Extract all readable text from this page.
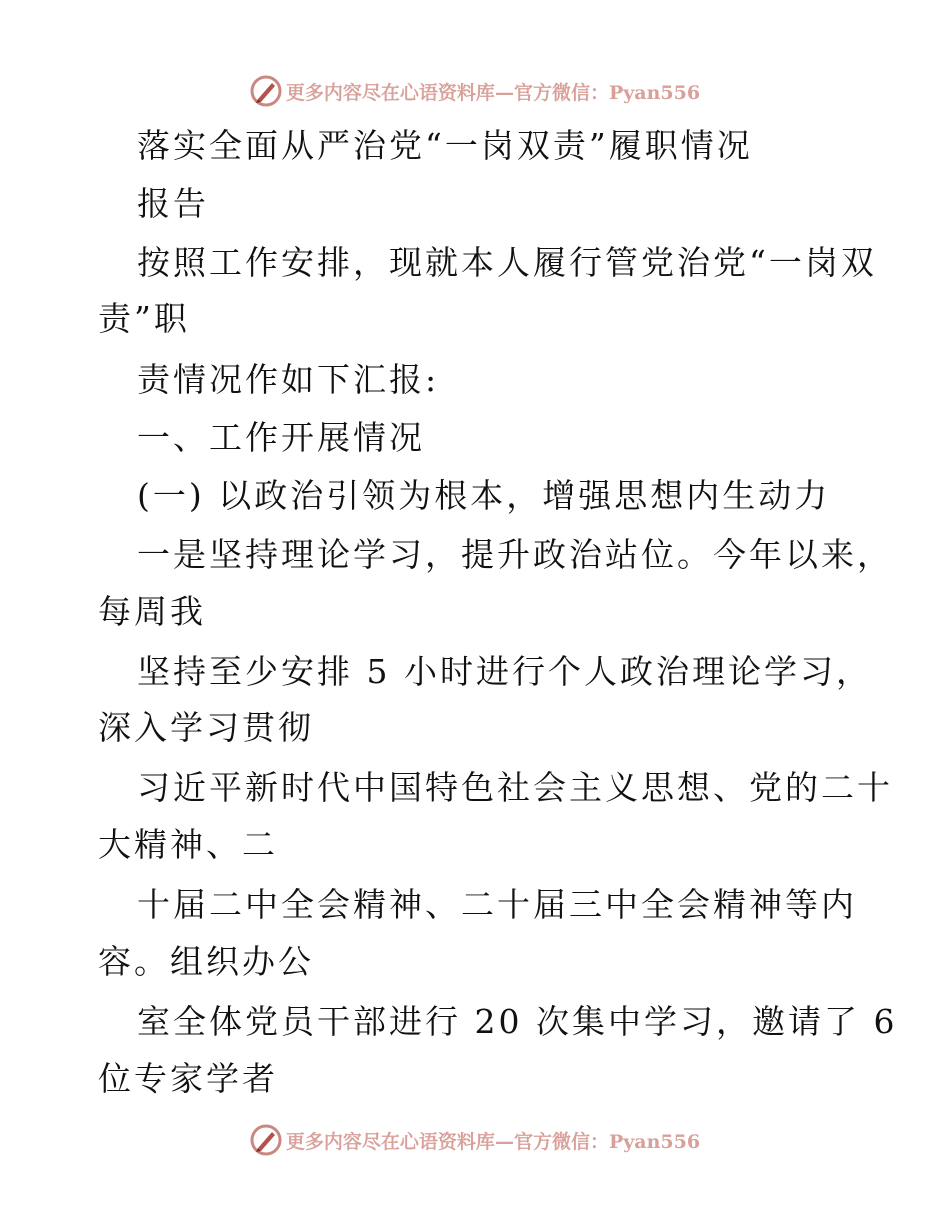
更多内容尽在心语资料库—官方微信：Pyan556
落实全面从严治党“一岗双责”履职情况
报告
按照工作安排，现就本人履行管党治党“一岗双
责”职
责情况作如下汇报:
一、工作开展情况
(一) 以政治引领为根本，增强思想内生动力
一是坚持理论学习，提升政治站位。今年以来，
每周我
坚持至少安排 5 小时进行个人政治理论学习，
深入学习贯彻
习近平新时代中国特色社会主义思想、党的二十
大精神、二
十届二中全会精神、二十届三中全会精神等内
容。组织办公
室全体党员干部进行 20 次集中学习，邀请了 6
位专家学者
更多内容尽在心语资料库—官方微信：Pyan556
